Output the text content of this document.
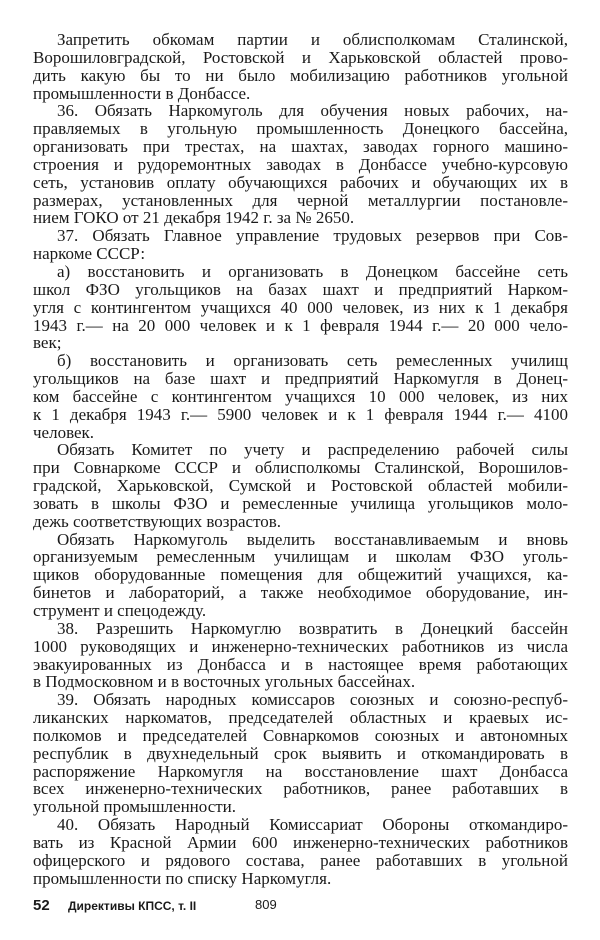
Запретить обкомам партии и облисполкомам Сталинской,
Ворошиловградской, Ростовской и Харьковской областей прово-
дить какую бы то ни было мобилизацию работников угольной
промышленности в Донбассе.
36. Обязать Наркомуголь для обучения новых рабочих, на-
правляемых в угольную промышленность Донецкого бассейна,
организовать при трестах, на шахтах, заводах горного машино-
строения и рудоремонтных заводах в Донбассе учебно-курсовую
сеть, установив оплату обучающихся рабочих и обучающих их в
размерах, установленных для черной металлургии постановле-
нием ГОКО от 21 декабря 1942 г. за № 2650.
37. Обязать Главное управление трудовых резервов при Сов-
наркоме СССР:
а) восстановить и организовать в Донецком бассейне сеть
школ ФЗО угольщиков на базах шахт и предприятий Нарком-
угля с контингентом учащихся 40 000 человек, из них к 1 декабря
1943 г.— на 20 000 человек и к 1 февраля 1944 г.— 20 000 чело-
век;
б) восстановить и организовать сеть ремесленных училищ
угольщиков на базе шахт и предприятий Наркомугля в Донец-
ком бассейне с контингентом учащихся 10 000 человек, из них
к 1 декабря 1943 г.— 5900 человек и к 1 февраля 1944 г.— 4100
человек.
Обязать Комитет по учету и распределению рабочей силы
при Совнаркоме СССР и облисполкомы Сталинской, Ворошилов-
градской, Харьковской, Сумской и Ростовской областей мобили-
зовать в школы ФЗО и ремесленные училища угольщиков моло-
дежь соответствующих возрастов.
Обязать Наркомуголь выделить восстанавливаемым и вновь
организуемым ремесленным училищам и школам ФЗО уголь-
щиков оборудованные помещения для общежитий учащихся, ка-
бинетов и лабораторий, а также необходимое оборудование, ин-
струмент и спецодежду.
38. Разрешить Наркомуглю возвратить в Донецкий бассейн
1000 руководящих и инженерно-технических работников из числа
эвакуированных из Донбасса и в настоящее время работающих
в Подмосковном и в восточных угольных бассейнах.
39. Обязать народных комиссаров союзных и союзно-респуб-
ликанских наркоматов, председателей областных и краевых ис-
полкомов и председателей Совнаркомов союзных и автономных
республик в двухнедельный срок выявить и откомандировать в
распоряжение Наркомугля на восстановление шахт Донбасса
всех инженерно-технических работников, ранее работавших в
угольной промышленности.
40. Обязать Народный Комиссариат Обороны откомандиро-
вать из Красной Армии 600 инженерно-технических работников
офицерского и рядового состава, ранее работавших в угольной
промышленности по списку Наркомугля.
52 Директивы КПСС, т. II	809
